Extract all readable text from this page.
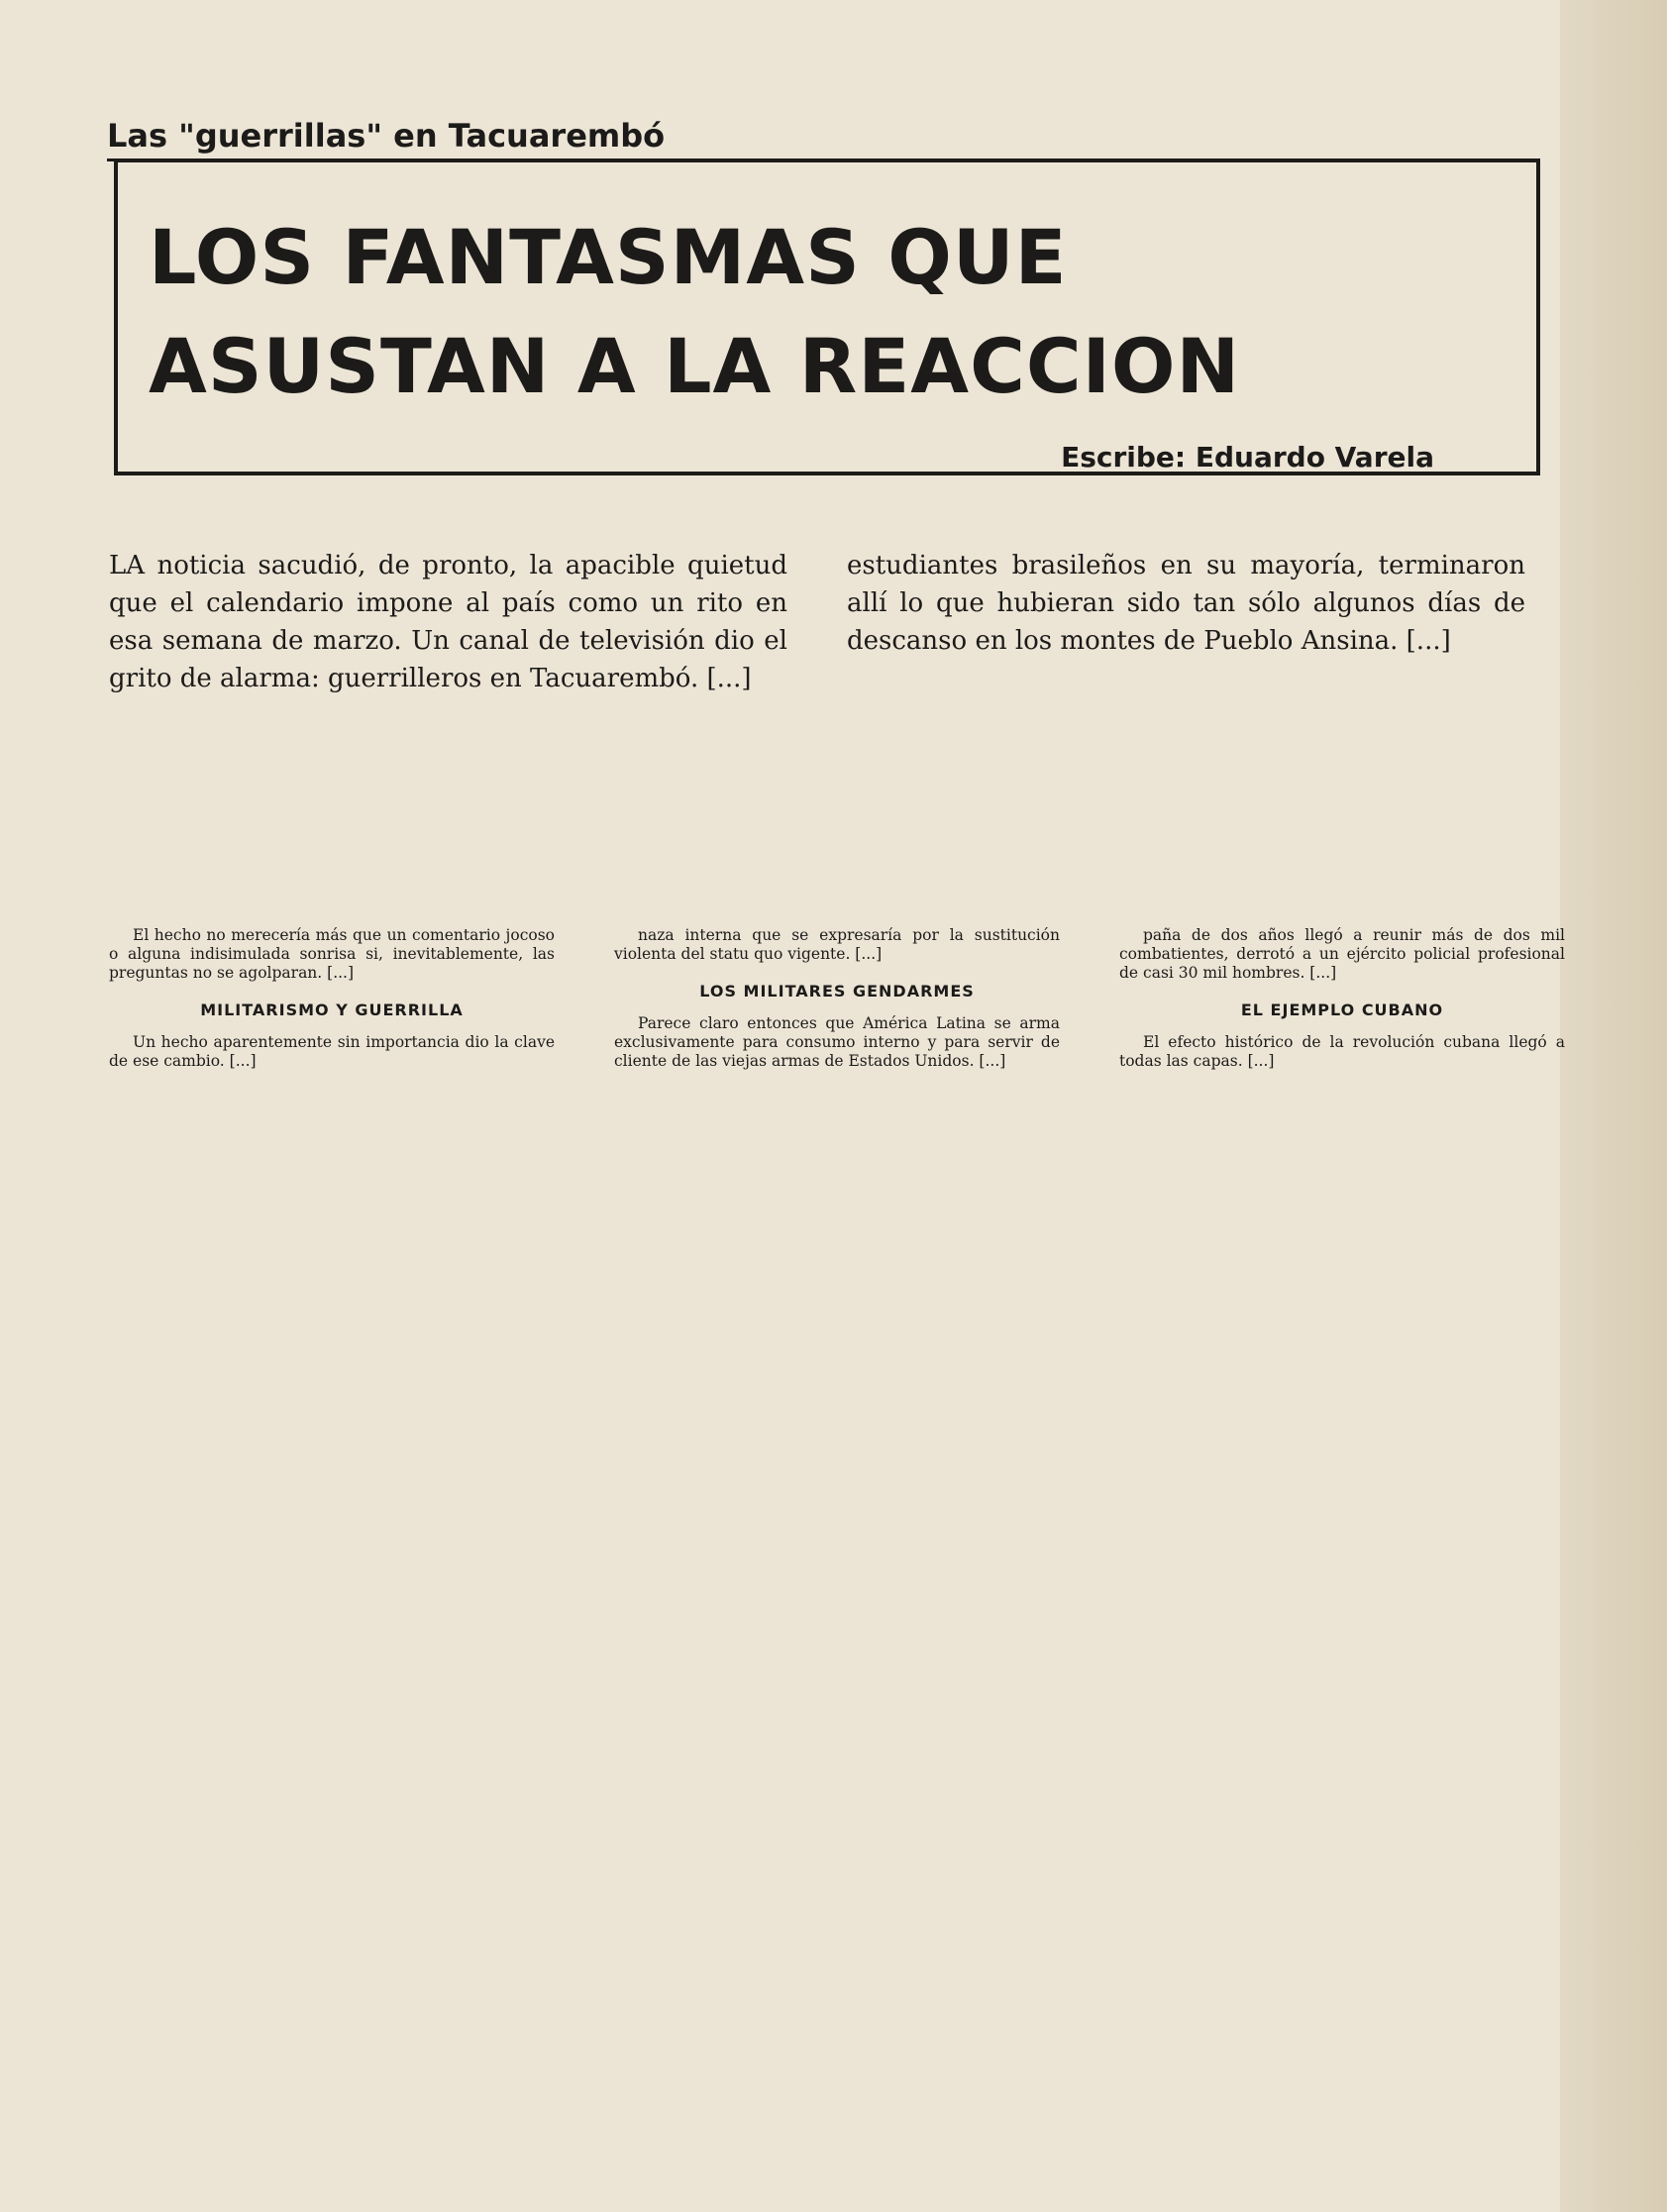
Las "guerrillas" en Tacuarembó
LOS FANTASMAS QUE ASUSTAN A LA REACCION
Escribe: Eduardo Varela
LA noticia sacudió, de pronto, la apacible quietud que el calendario impone al país como un rito en esa semana de marzo. Un canal de televisión dio el grito de alarma: guerrilleros en Tacuarembó. [...]
estudiantes brasileños en su mayoría, terminaron allí lo que hubieran sido tan sólo algunos días de descanso en los montes de Pueblo Ansina. [...]

El hecho no merecería más que un comentario jocoso o alguna indisimulada sonrisa si, inevitablemente, las preguntas no se agolparan. [...]

MILITARISMO Y GUERRILLA

Un hecho aparentemente sin importancia dio la clave de ese cambio. [...]

naza interna que se expresaría por la sustitución violenta del statu quo vigente. [...]

LOS MILITARES GENDARMES

Parece claro entonces que América Latina se arma exclusivamente para consumo interno y para servir de cliente de las viejas armas de Estados Unidos. [...]

paña de dos años llegó a reunir más de dos mil combatientes, derrotó a un ejército policial profesional de casi 30 mil hombres. [...]

EL EJEMPLO CUBANO

El efecto histórico de la revolución cubana llegó a todas las capas. [...]
